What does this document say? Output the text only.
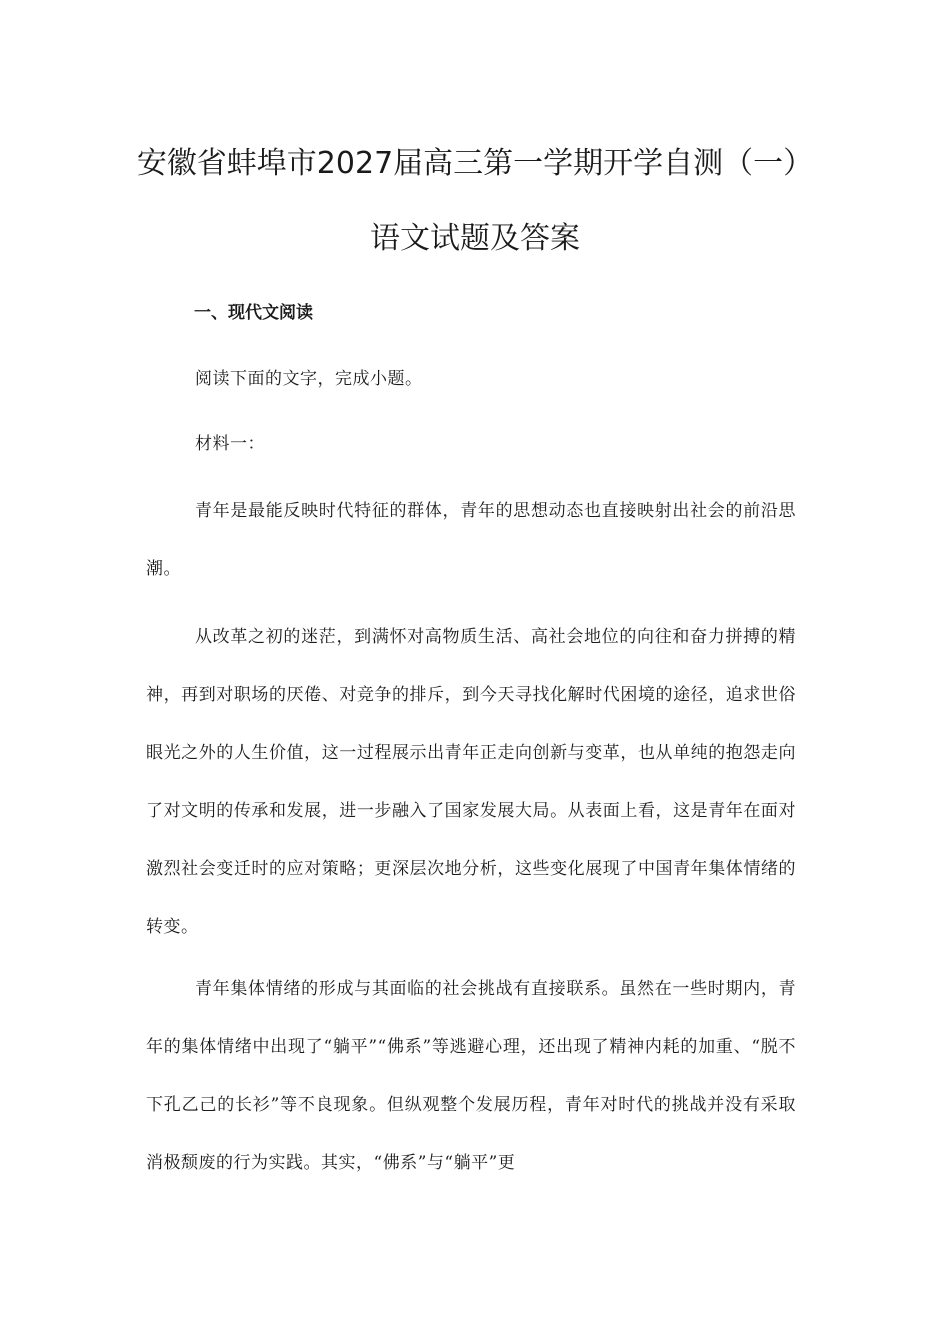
安徽省蚌埠市2027届高三第一学期开学自测（一）
语文试题及答案
一、现代文阅读

阅读下面的文字，完成小题。

材料一：

青年是最能反映时代特征的群体，青年的思想动态也直接映射出社会的前沿思潮。

从改革之初的迷茫，到满怀对高物质生活、高社会地位的向往和奋力拼搏的精神，再到对职场的厌倦、对竞争的排斥，到今天寻找化解时代困境的途径，追求世俗眼光之外的人生价值，这一过程展示出青年正走向创新与变革，也从单纯的抱怨走向了对文明的传承和发展，进一步融入了国家发展大局。从表面上看，这是青年在面对激烈社会变迁时的应对策略；更深层次地分析，这些变化展现了中国青年集体情绪的转变。

青年集体情绪的形成与其面临的社会挑战有直接联系。虽然在一些时期内，青年的集体情绪中出现了“躺平”“佛系”等逃避心理，还出现了精神内耗的加重、“脱不下孔乙己的长衫”等不良现象。但纵观整个发展历程，青年对时代的挑战并没有采取消极颓废的行为实践。其实，“佛系”与“躺平”更
